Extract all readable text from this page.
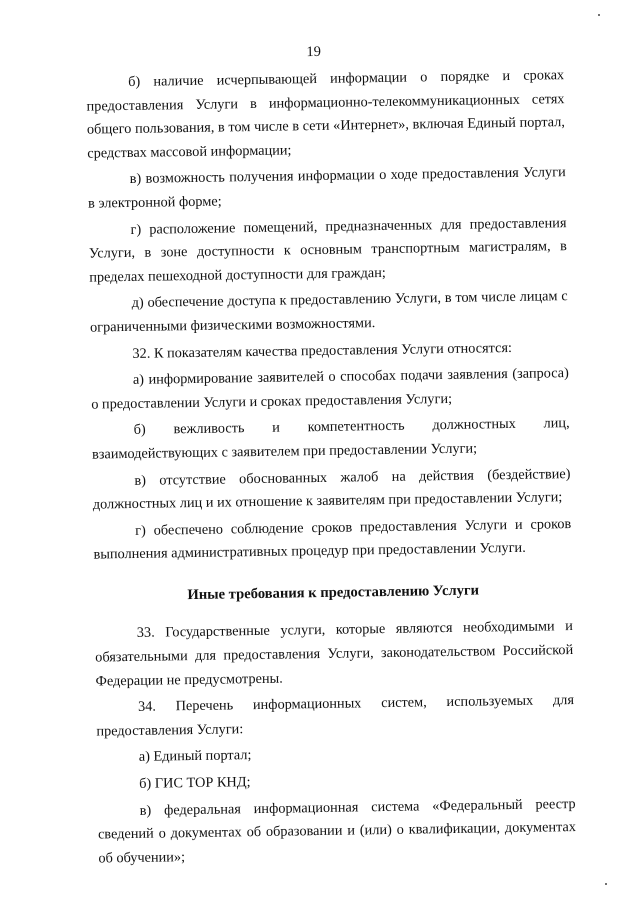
19

б) наличие исчерпывающей информации о порядке и сроках предоставления Услуги в информационно-телекоммуникационных сетях общего пользования, в том числе в сети «Интернет», включая Единый портал, средствах массовой информации;

в) возможность получения информации о ходе предоставления Услуги в электронной форме;

г) расположение помещений, предназначенных для предоставления Услуги, в зоне доступности к основным транспортным магистралям, в пределах пешеходной доступности для граждан;

д) обеспечение доступа к предоставлению Услуги, в том числе лицам с ограниченными физическими возможностями.

32. К показателям качества предоставления Услуги относятся:

а) информирование заявителей о способах подачи заявления (запроса) о предоставлении Услуги и сроках предоставления Услуги;

б) вежливость и компетентность должностных лиц, взаимодействующих с заявителем при предоставлении Услуги;

в) отсутствие обоснованных жалоб на действия (бездействие) должностных лиц и их отношение к заявителям при предоставлении Услуги;

г) обеспечено соблюдение сроков предоставления Услуги и сроков выполнения административных процедур при предоставлении Услуги.

Иные требования к предоставлению Услуги

33. Государственные услуги, которые являются необходимыми и обязательными для предоставления Услуги, законодательством Российской Федерации не предусмотрены.

34. Перечень информационных систем, используемых для предоставления Услуги:

а) Единый портал;

б) ГИС ТОР КНД;

в) федеральная информационная система «Федеральный реестр сведений о документах об образовании и (или) о квалификации, документах об обучении»;
